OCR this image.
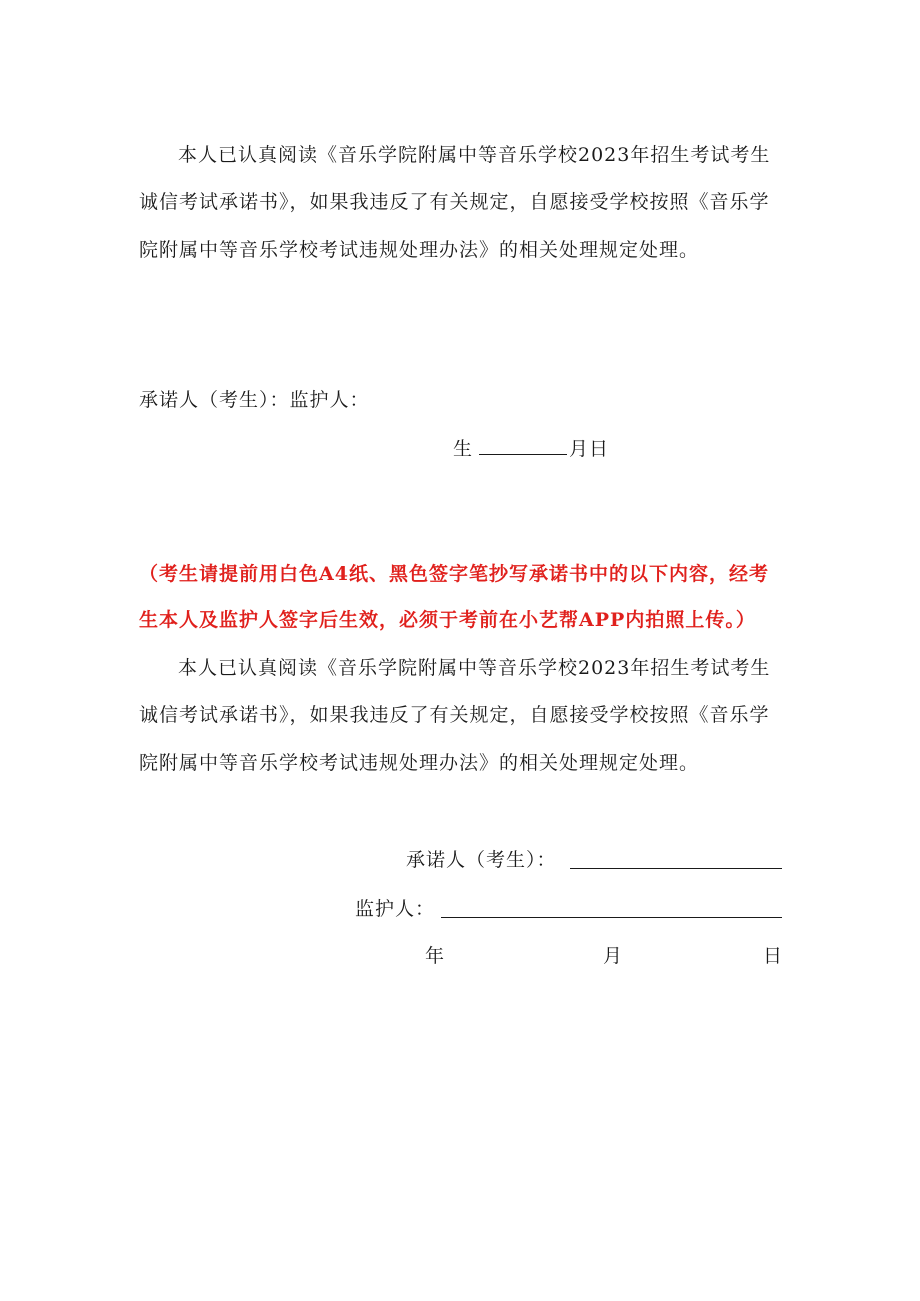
本人已认真阅读《音乐学院附属中等音乐学校2023年招生考试考生
诚信考试承诺书》，如果我违反了有关规定，自愿接受学校按照《音乐学
院附属中等音乐学校考试违规处理办法》的相关处理规定处理。
承诺人（考生）：监护人：
生	月日
（考生请提前用白色A4纸、黑色签字笔抄写承诺书中的以下内容，经考
生本人及监护人签字后生效，必须于考前在小艺帮APP内拍照上传。）
本人已认真阅读《音乐学院附属中等音乐学校2023年招生考试考生
诚信考试承诺书》，如果我违反了有关规定，自愿接受学校按照《音乐学
院附属中等音乐学校考试违规处理办法》的相关处理规定处理。
承诺人（考生）：
监护人：
年	月	日
